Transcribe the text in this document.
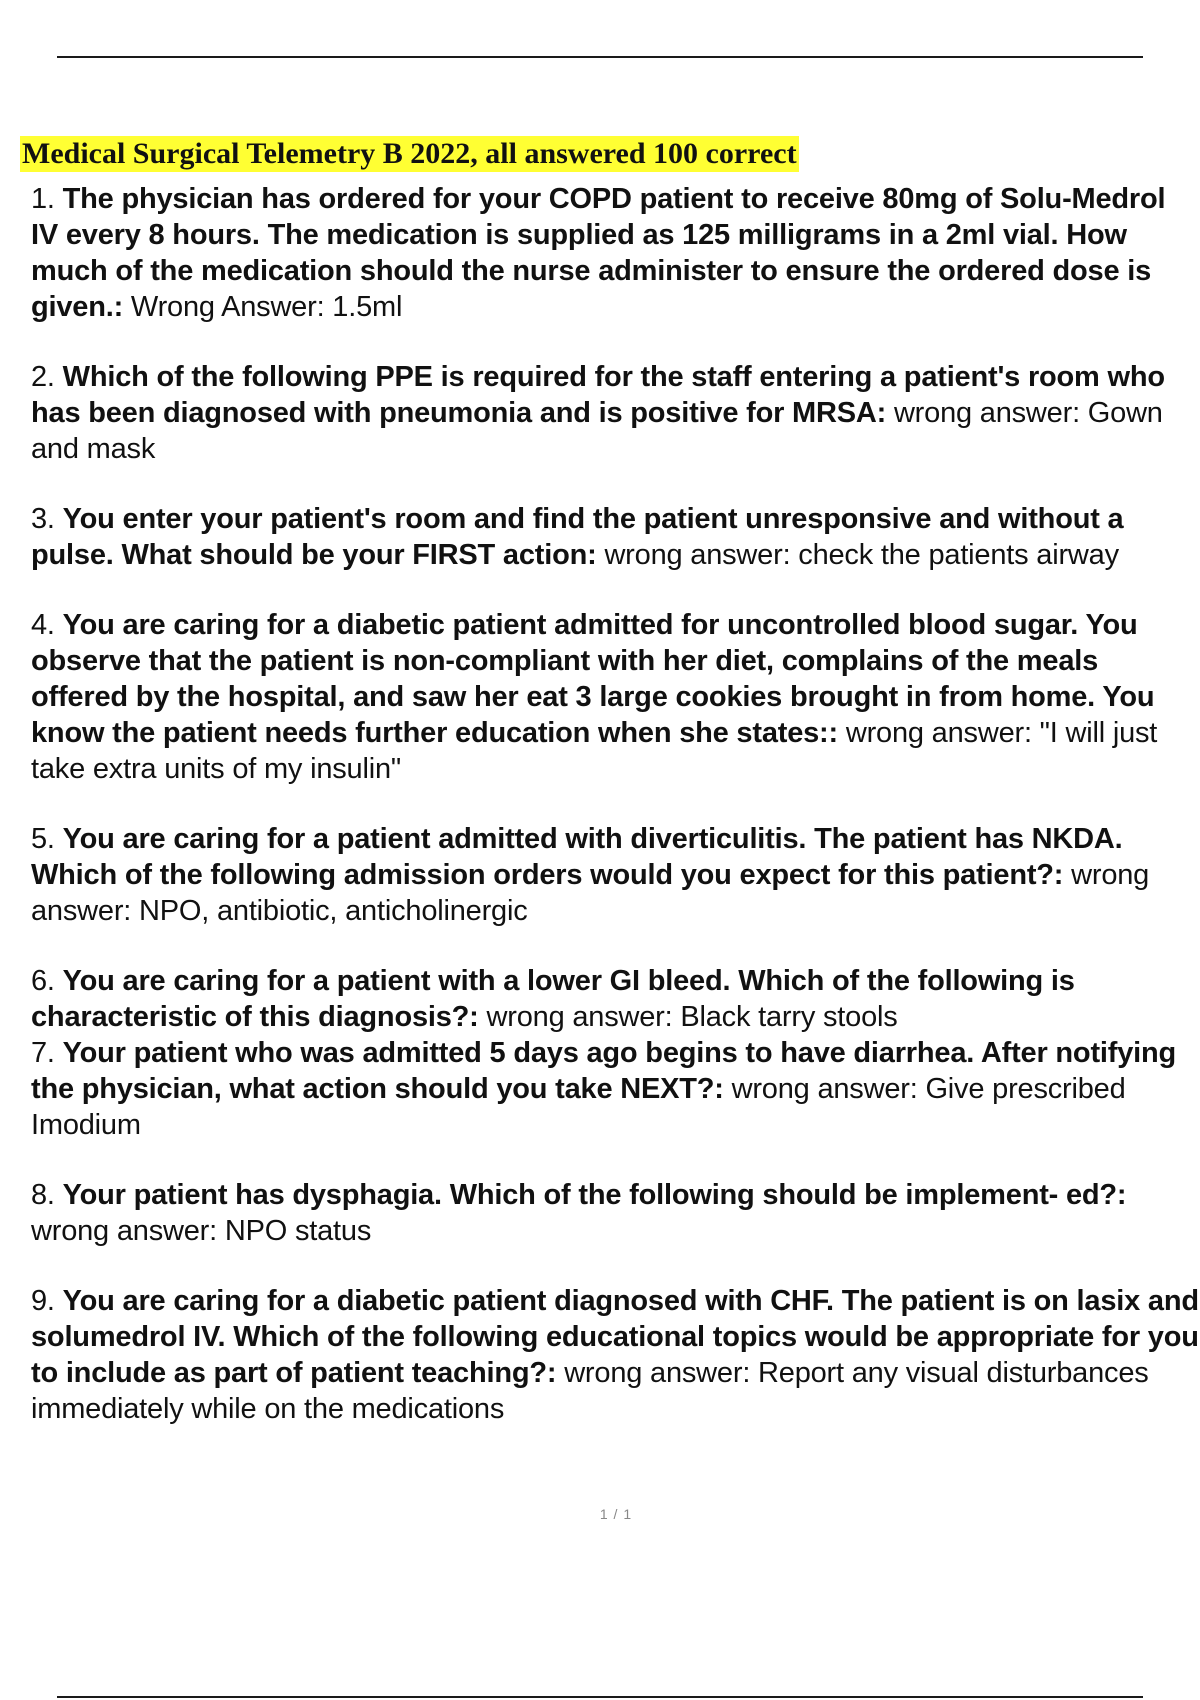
Medical Surgical Telemetry B 2022, all answered 100 correct

1. The physician has ordered for your COPD patient to receive 80mg of Solu-Medrol IV every 8 hours. The medication is supplied as 125 milligrams in a 2ml vial. How much of the medication should the nurse administer to ensure the ordered dose is given.: Wrong Answer: 1.5ml

2. Which of the following PPE is required for the staff entering a patient's room who has been diagnosed with pneumonia and is positive for MRSA: wrong answer: Gown and mask

3. You enter your patient's room and find the patient unresponsive and without a pulse. What should be your FIRST action: wrong answer: check the patients airway

4. You are caring for a diabetic patient admitted for uncontrolled blood sugar. You observe that the patient is non-compliant with her diet, complains of the meals offered by the hospital, and saw her eat 3 large cookies brought in from home. You know the patient needs further education when she states:: wrong answer: "I will just take extra units of my insulin"

5. You are caring for a patient admitted with diverticulitis. The patient has NKDA. Which of the following admission orders would you expect for this patient?: wrong answer: NPO, antibiotic, anticholinergic

6. You are caring for a patient with a lower GI bleed. Which of the following is characteristic of this diagnosis?: wrong answer: Black tarry stools

7. Your patient who was admitted 5 days ago begins to have diarrhea. After notifying the physician, what action should you take NEXT?: wrong answer: Give prescribed Imodium

8. Your patient has dysphagia. Which of the following should be implement- ed?: wrong answer: NPO status

9. You are caring for a diabetic patient diagnosed with CHF. The patient is on lasix and solumedrol IV. Which of the following educational topics would be appropriate for you to include as part of patient teaching?: wrong answer: Report any visual disturbances immediately while on the medications

1 / 1
